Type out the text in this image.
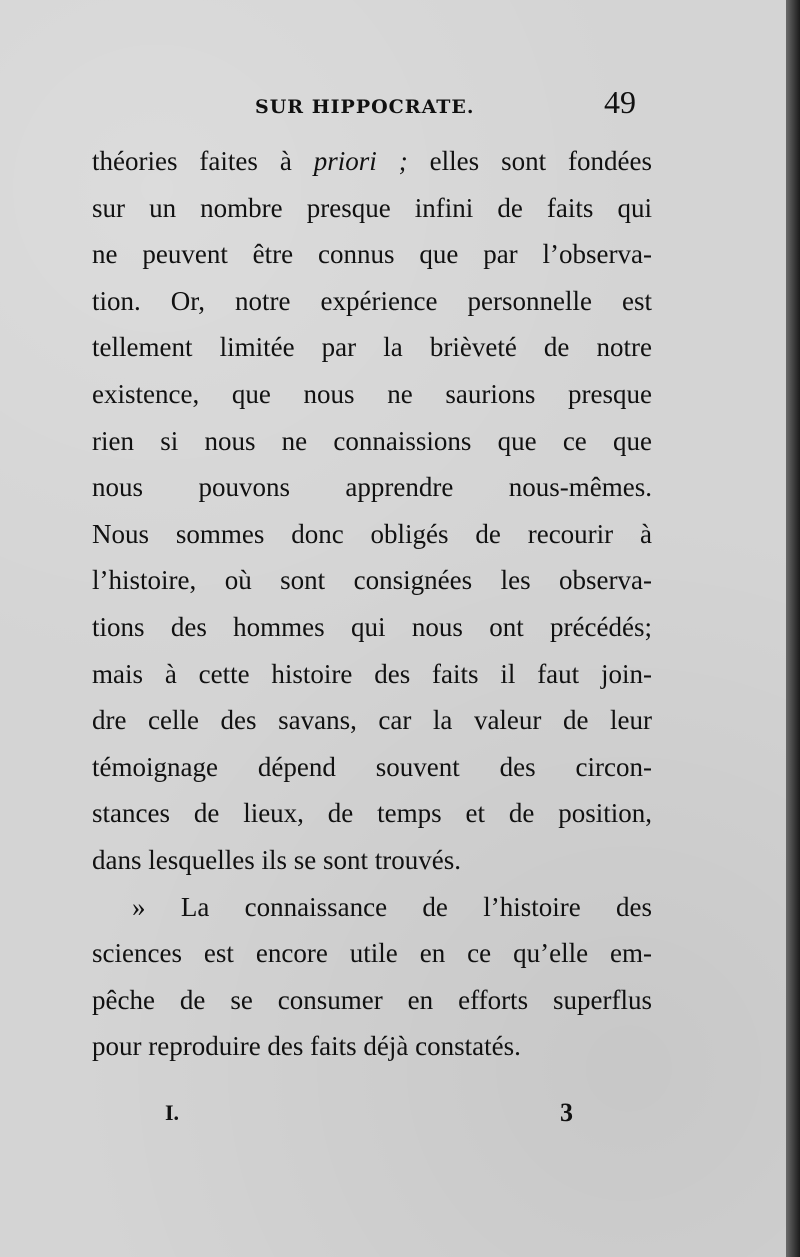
SUR HIPPOCRATE.	49
théories faites à priori ; elles sont fondées
sur un nombre presque infini de faits qui
ne peuvent être connus que par l’observa-
tion. Or, notre expérience personnelle est
tellement limitée par la brièveté de notre
existence, que nous ne saurions presque
rien si nous ne connaissions que ce que
nous pouvons apprendre nous-mêmes.
Nous sommes donc obligés de recourir à
l’histoire, où sont consignées les observa-
tions des hommes qui nous ont précédés;
mais à cette histoire des faits il faut join-
dre celle des savans, car la valeur de leur
témoignage dépend souvent des circon-
stances de lieux, de temps et de position,
dans lesquelles ils se sont trouvés.
» La connaissance de l’histoire des
sciences est encore utile en ce qu’elle em-
pêche de se consumer en efforts superflus
pour reproduire des faits déjà constatés.
I.	3
